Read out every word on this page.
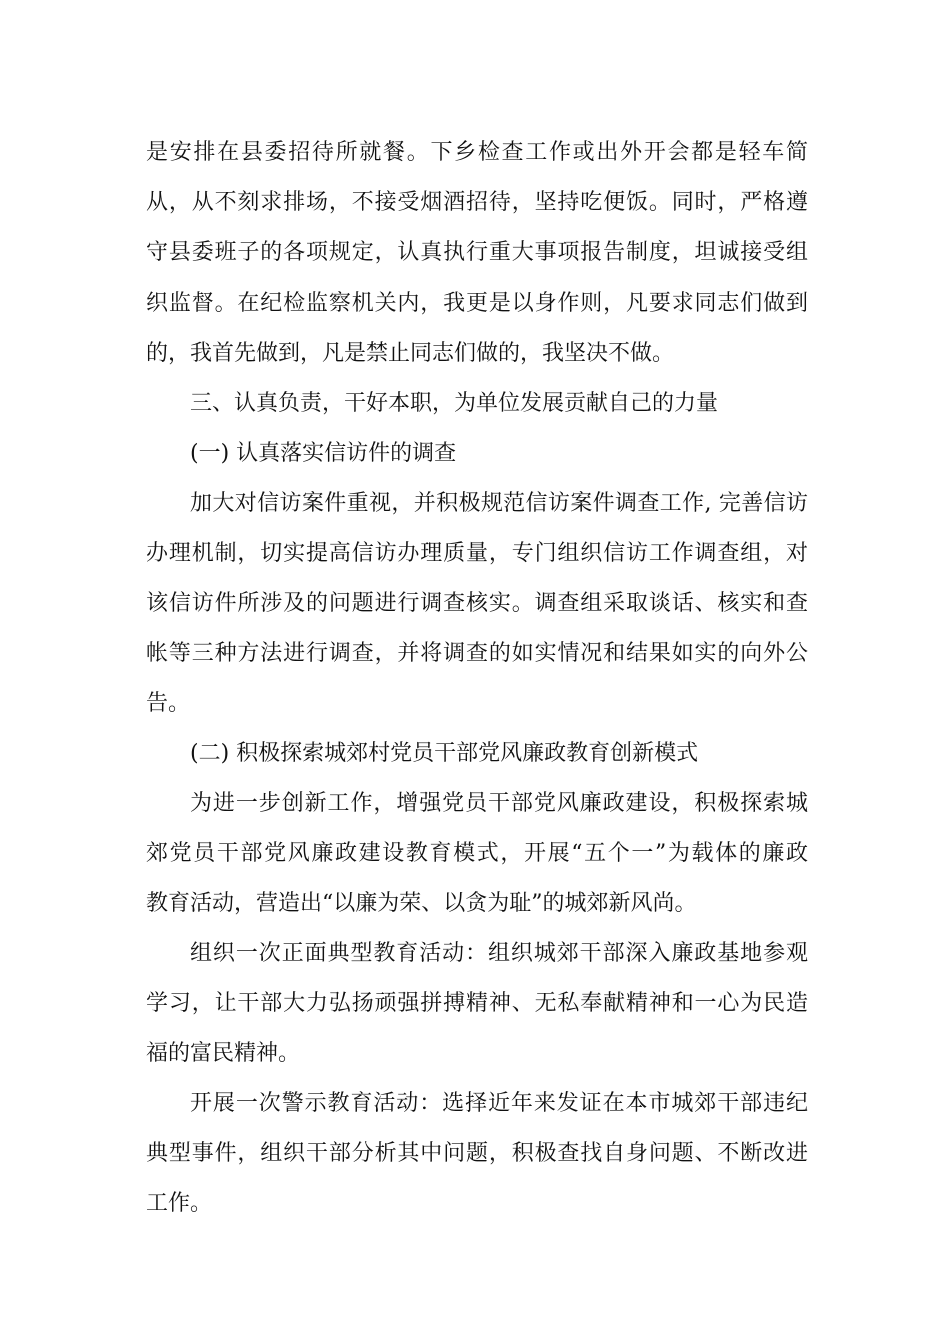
是安排在县委招待所就餐。下乡检查工作或出外开会都是轻车简
从，从不刻求排场，不接受烟酒招待，坚持吃便饭。同时，严格遵
守县委班子的各项规定，认真执行重大事项报告制度，坦诚接受组
织监督。在纪检监察机关内，我更是以身作则，凡要求同志们做到
的，我首先做到，凡是禁止同志们做的，我坚决不做。
三、认真负责，干好本职，为单位发展贡献自己的力量
(一) 认真落实信访件的调查
加大对信访案件重视，并积极规范信访案件调查工作, 完善信访
办理机制，切实提高信访办理质量，专门组织信访工作调查组，对
该信访件所涉及的问题进行调查核实。调查组采取谈话、核实和查
帐等三种方法进行调查，并将调查的如实情况和结果如实的向外公
告。
(二) 积极探索城郊村党员干部党风廉政教育创新模式
为进一步创新工作，增强党员干部党风廉政建设，积极探索城
郊党员干部党风廉政建设教育模式，开展“五个一”为载体的廉政
教育活动，营造出“以廉为荣、以贪为耻”的城郊新风尚。
组织一次正面典型教育活动：组织城郊干部深入廉政基地参观
学习，让干部大力弘扬顽强拼搏精神、无私奉献精神和一心为民造
福的富民精神。
开展一次警示教育活动：选择近年来发证在本市城郊干部违纪
典型事件，组织干部分析其中问题，积极查找自身问题、不断改进
工作。
